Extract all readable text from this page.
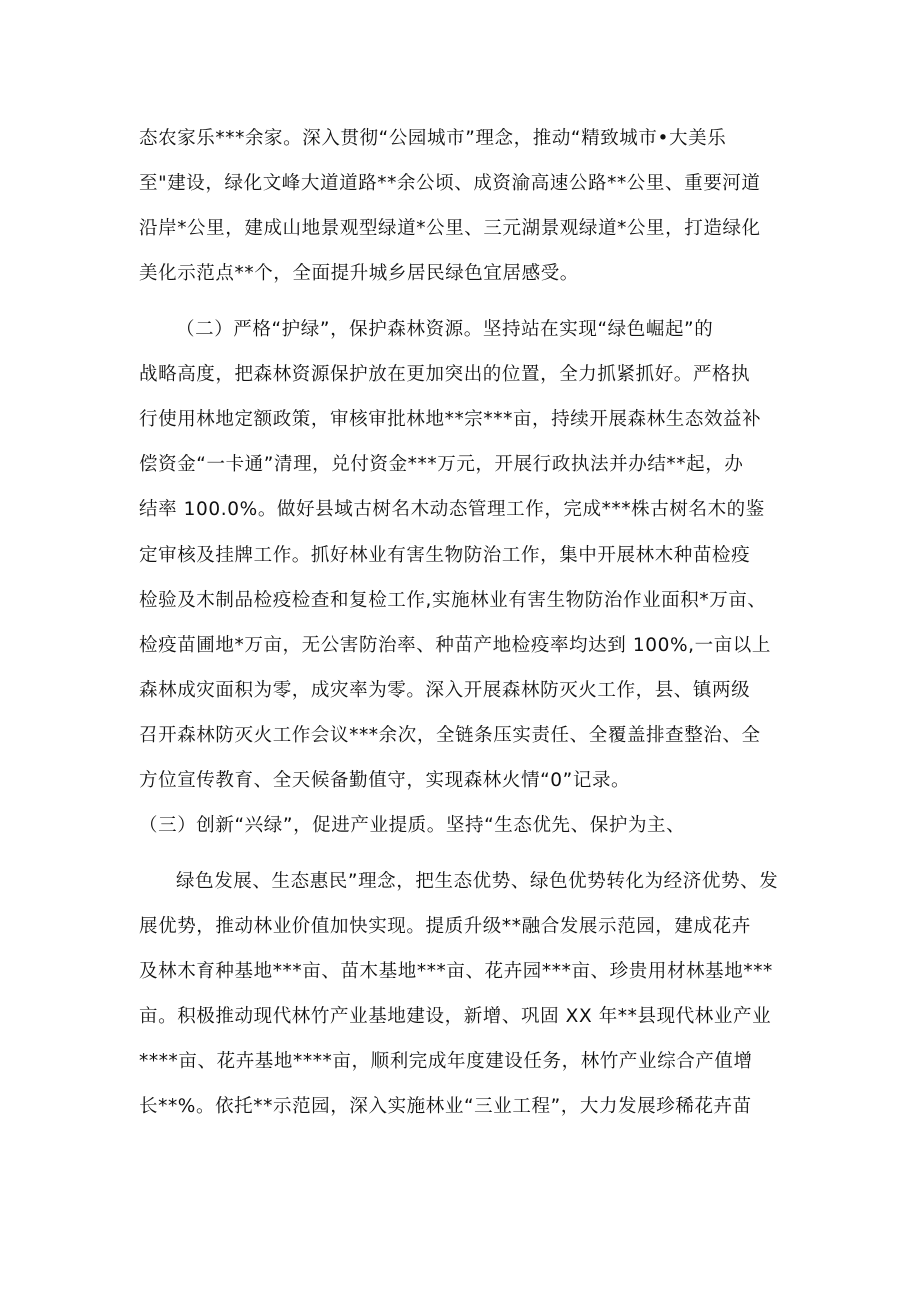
态农家乐***余家。深入贯彻“公园城市”理念，推动“精致城市•大美乐
至"建设，绿化文峰大道道路**余公顷、成资渝高速公路**公里、重要河道
沿岸*公里，建成山地景观型绿道*公里、三元湖景观绿道*公里，打造绿化
美化示范点**个，全面提升城乡居民绿色宜居感受。
（二）严格“护绿”，保护森林资源。坚持站在实现“绿色崛起”的
战略高度，把森林资源保护放在更加突出的位置，全力抓紧抓好。严格执
行使用林地定额政策，审核审批林地**宗***亩，持续开展森林生态效益补
偿资金“一卡通”清理，兑付资金***万元，开展行政执法并办结**起，办
结率 100.0%。做好县域古树名木动态管理工作，完成***株古树名木的鉴
定审核及挂牌工作。抓好林业有害生物防治工作，集中开展林木种苗检疫
检验及木制品检疫检查和复检工作,实施林业有害生物防治作业面积*万亩、
检疫苗圃地*万亩，无公害防治率、种苗产地检疫率均达到 100%,一亩以上
森林成灾面积为零，成灾率为零。深入开展森林防灭火工作，县、镇两级
召开森林防灭火工作会议***余次，全链条压实责任、全覆盖排查整治、全
方位宣传教育、全天候备勤值守，实现森林火情“0”记录。
（三）创新“兴绿”，促进产业提质。坚持“生态优先、保护为主、
绿色发展、生态惠民”理念，把生态优势、绿色优势转化为经济优势、发
展优势，推动林业价值加快实现。提质升级**融合发展示范园，建成花卉
及林木育种基地***亩、苗木基地***亩、花卉园***亩、珍贵用材林基地***
亩。积极推动现代林竹产业基地建设，新增、巩固 XX 年**县现代林业产业
****亩、花卉基地****亩，顺利完成年度建设任务，林竹产业综合产值增
长**%。依托**示范园，深入实施林业“三业工程”，大力发展珍稀花卉苗
